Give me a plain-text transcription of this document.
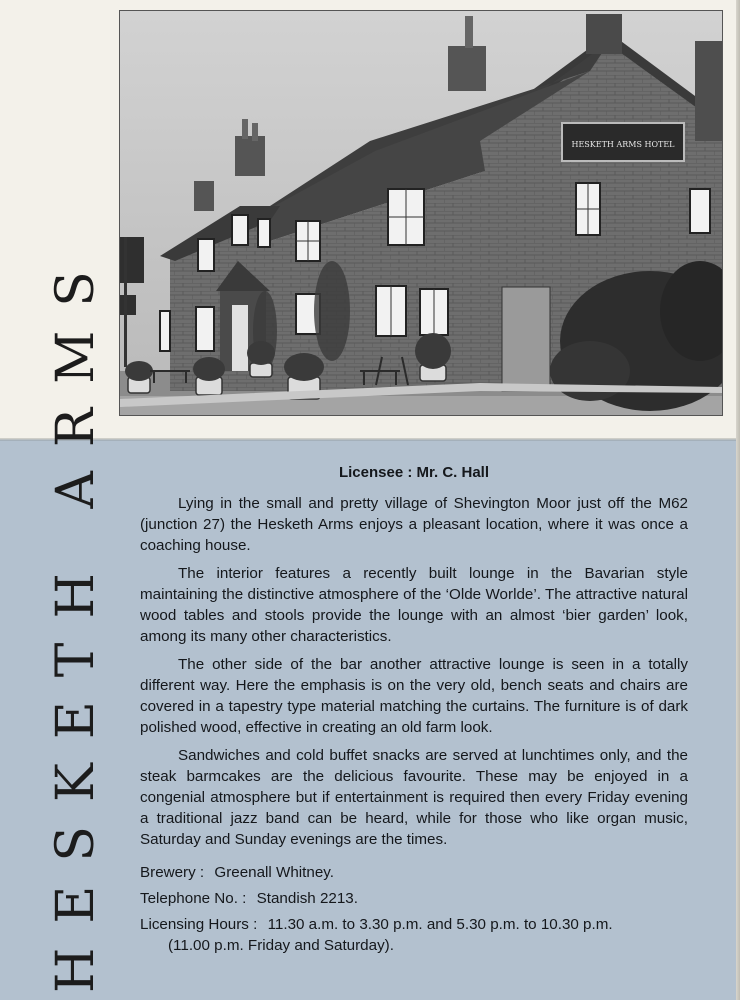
HESKETH ARMS
HESKETH ARMS HOTEL
Licensee : Mr. C. Hall

Lying in the small and pretty village of Shevington Moor just off the M62 (junction 27) the Hesketh Arms enjoys a pleasant location, where it was once a coaching house.

The interior features a recently built lounge in the Bavarian style maintaining the distinctive atmosphere of the ‘Olde Worlde’. The attractive natural wood tables and stools provide the lounge with an almost ‘bier garden’ look, among its many other characteristics.

The other side of the bar another attractive lounge is seen in a totally different way. Here the emphasis is on the very old, bench seats and chairs are covered in a tapestry type material matching the curtains. The furniture is of dark polished wood, effective in creating an old farm look.

Sandwiches and cold buffet snacks are served at lunchtimes only, and the steak barmcakes are the delicious favourite. These may be enjoyed in a congenial atmosphere but if entertainment is required then every Friday evening a traditional jazz band can be heard, while for those who like organ music, Saturday and Sunday evenings are the times.

Brewery : Greenall Whitney.
Telephone No. : Standish 2213.
Licensing Hours : 11.30 a.m. to 3.30 p.m. and 5.30 p.m. to 10.30 p.m.
(11.00 p.m. Friday and Saturday).
